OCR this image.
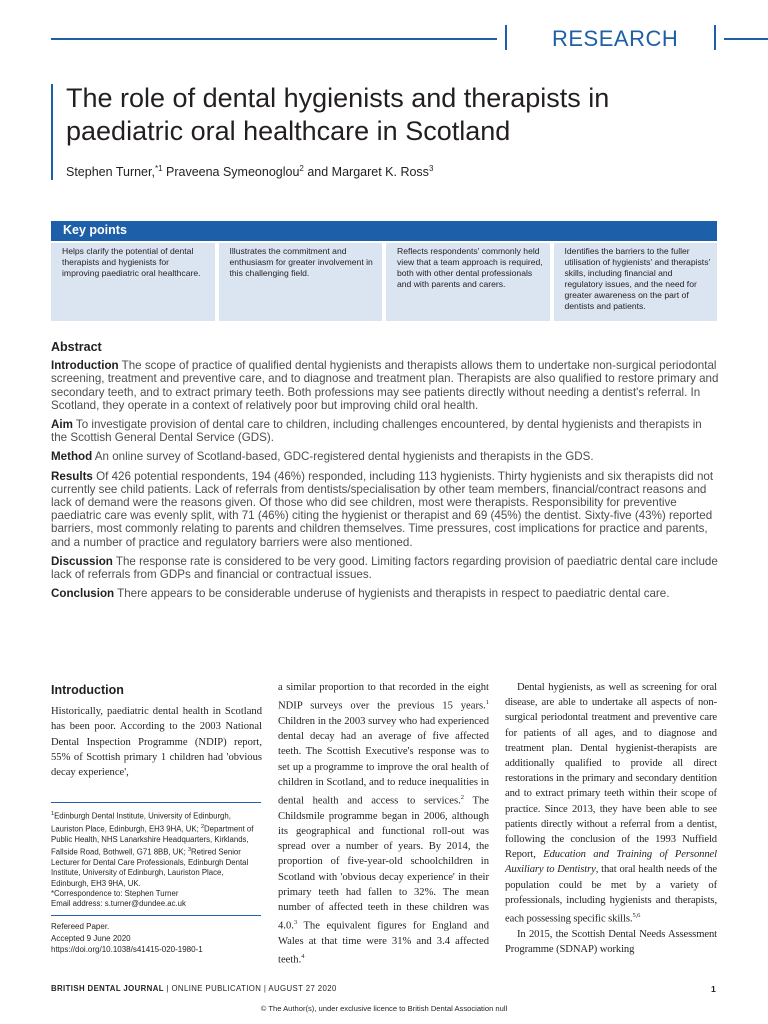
RESEARCH
The role of dental hygienists and therapists in paediatric oral healthcare in Scotland
Stephen Turner,$^{*1}$ Praveena Symeonoglou$^2$ and Margaret K. Ross$^3$
Key points
Helps clarify the potential of dental therapists and hygienists for improving paediatric oral healthcare.
Illustrates the commitment and enthusiasm for greater involvement in this challenging field.
Reflects respondents' commonly held view that a team approach is required, both with other dental professionals and with parents and carers.
Identifies the barriers to the fuller utilisation of hygienists' and therapists' skills, including financial and regulatory issues, and the need for greater awareness on the part of dentists and patients.
Abstract

Introduction The scope of practice of qualified dental hygienists and therapists allows them to undertake non-surgical periodontal screening, treatment and preventive care, and to diagnose and treatment plan. Therapists are also qualified to restore primary and secondary teeth, and to extract primary teeth. Both professions may see patients directly without needing a dentist's referral. In Scotland, they operate in a context of relatively poor but improving child oral health.

Aim To investigate provision of dental care to children, including challenges encountered, by dental hygienists and therapists in the Scottish General Dental Service (GDS).

Method An online survey of Scotland-based, GDC-registered dental hygienists and therapists in the GDS.

Results Of 426 potential respondents, 194 (46%) responded, including 113 hygienists. Thirty hygienists and six therapists did not currently see child patients. Lack of referrals from dentists/specialisation by other team members, financial/contract reasons and lack of demand were the reasons given. Of those who did see children, most were therapists. Responsibility for preventive paediatric care was evenly split, with 71 (46%) citing the hygienist or therapist and 69 (45%) the dentist. Sixty-five (43%) reported barriers, most commonly relating to parents and children themselves. Time pressures, cost implications for practice and parents, and a number of practice and regulatory barriers were also mentioned.

Discussion The response rate is considered to be very good. Limiting factors regarding provision of paediatric dental care include lack of referrals from GDPs and financial or contractual issues.

Conclusion There appears to be considerable underuse of hygienists and therapists in respect to paediatric dental care.

Introduction

Historically, paediatric dental health in Scotland has been poor. According to the 2003 National Dental Inspection Programme (NDIP) report, 55% of Scottish primary 1 children had 'obvious decay experience',

a similar proportion to that recorded in the eight NDIP surveys over the previous 15 years.$^1$ Children in the 2003 survey who had experienced dental decay had an average of five affected teeth. The Scottish Executive's response was to set up a programme to improve the oral health of children in Scotland, and to reduce inequalities in dental health and access to services.$^2$ The Childsmile programme began in 2006, although its geographical and functional roll-out was spread over a number of years. By 2014, the proportion of five-year-old schoolchildren in Scotland with 'obvious decay experience' in their primary teeth had fallen to 32%. The mean number of affected teeth in these children was 4.0.$^3$ The equivalent figures for England and Wales at that time were 31% and 3.4 affected teeth.$^4$

Dental hygienists, as well as screening for oral disease, are able to undertake all aspects of non-surgical periodontal treatment and preventive care for patients of all ages, and to diagnose and treatment plan. Dental hygienist-therapists are additionally qualified to provide all direct restorations in the primary and secondary dentition and to extract primary teeth within their scope of practice. Since 2013, they have been able to see patients directly without a referral from a dentist, following the conclusion of the 1993 Nuffield Report, Education and Training of Personnel Auxiliary to Dentistry, that oral health needs of the population could be met by a variety of professionals, including hygienists and therapists, each possessing specific skills.$^{5,6}$

In 2015, the Scottish Dental Needs Assessment Programme (SDNAP) working

$^1$Edinburgh Dental Institute, University of Edinburgh, Lauriston Place, Edinburgh, EH3 9HA, UK; $^2$Department of Public Health, NHS Lanarkshire Headquarters, Kirklands, Fallside Road, Bothwell, G71 8BB, UK; $^3$Retired Senior Lecturer for Dental Care Professionals, Edinburgh Dental Institute, University of Edinburgh, Lauriston Place, Edinburgh, EH3 9HA, UK.
*Correspondence to: Stephen Turner
Email address: s.turner@dundee.ac.uk
Refereed Paper.
Accepted 9 June 2020
https://doi.org/10.1038/s41415-020-1980-1
BRITISH DENTAL JOURNAL | ONLINE PUBLICATION | AUGUST 27 2020	1
© The Author(s), under exclusive licence to British Dental Association null
